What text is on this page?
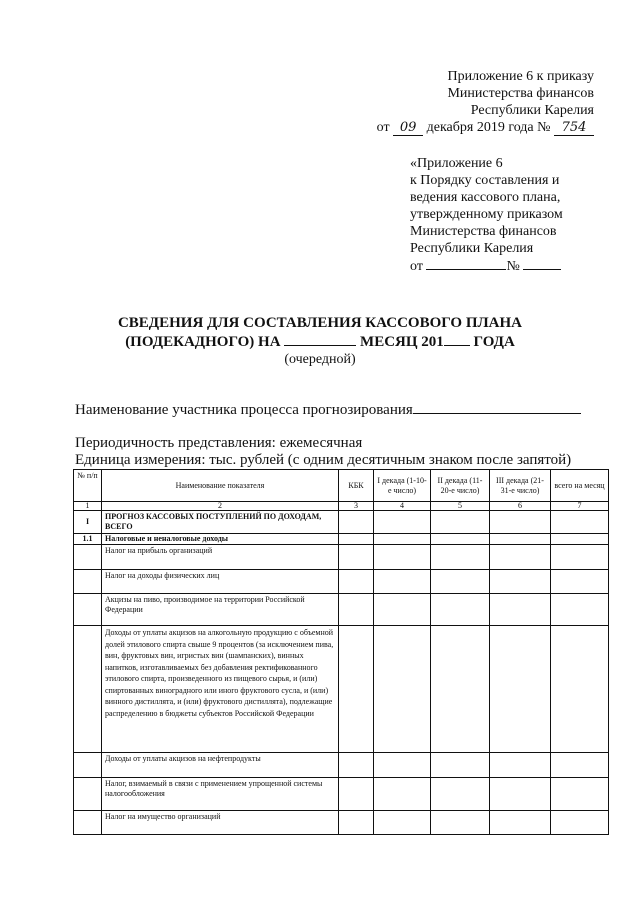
Приложение 6 к приказу
Министерства финансов
Республики Карелия
от 09 декабря 2019 года № 754
«Приложение 6
к Порядку составления и
ведения кассового плана,
утвержденному приказом
Министерства финансов
Республики Карелия
от	№
СВЕДЕНИЯ ДЛЯ СОСТАВЛЕНИЯ КАССОВОГО ПЛАНА
(ПОДЕКАДНОГО) НА	МЕСЯЦ 201 ГОДА
(очередной)
Наименование участника процесса прогнозирования
Периодичность представления: ежемесячная
Единица измерения: тыс. рублей (с одним десятичным знаком после запятой)
№ п/п	Наименование показателя	КБК	I декада (1-10-е число)	II декада (11-20-е число)	III декада (21-31-е число)	всего на месяц
1	2	3	4	5	6	7
I	ПРОГНОЗ КАССОВЫХ ПОСТУПЛЕНИЙ ПО ДОХОДАМ, ВСЕГО					
1.1	Налоговые и неналоговые доходы					
	Налог на прибыль организаций					
	Налог на доходы физических лиц					
	Акцизы на пиво, производимое на территории Российской Федерации					
	Доходы от уплаты акцизов на алкогольную продукцию с объемной долей этилового спирта свыше 9 процентов (за исключением пива, вин, фруктовых вин, игристых вин (шампанских), винных напитков, изготавливаемых без добавления ректификованного этилового спирта, произведенного из пищевого сырья, и (или) спиртованных виноградного или иного фруктового сусла, и (или) винного дистиллята, и (или) фруктового дистиллята), подлежащие распределению в бюджеты субъектов Российской Федерации					
	Доходы от уплаты акцизов на нефтепродукты					
	Налог, взимаемый в связи с применением упрощенной системы налогообложения					
	Налог на имущество организаций					
